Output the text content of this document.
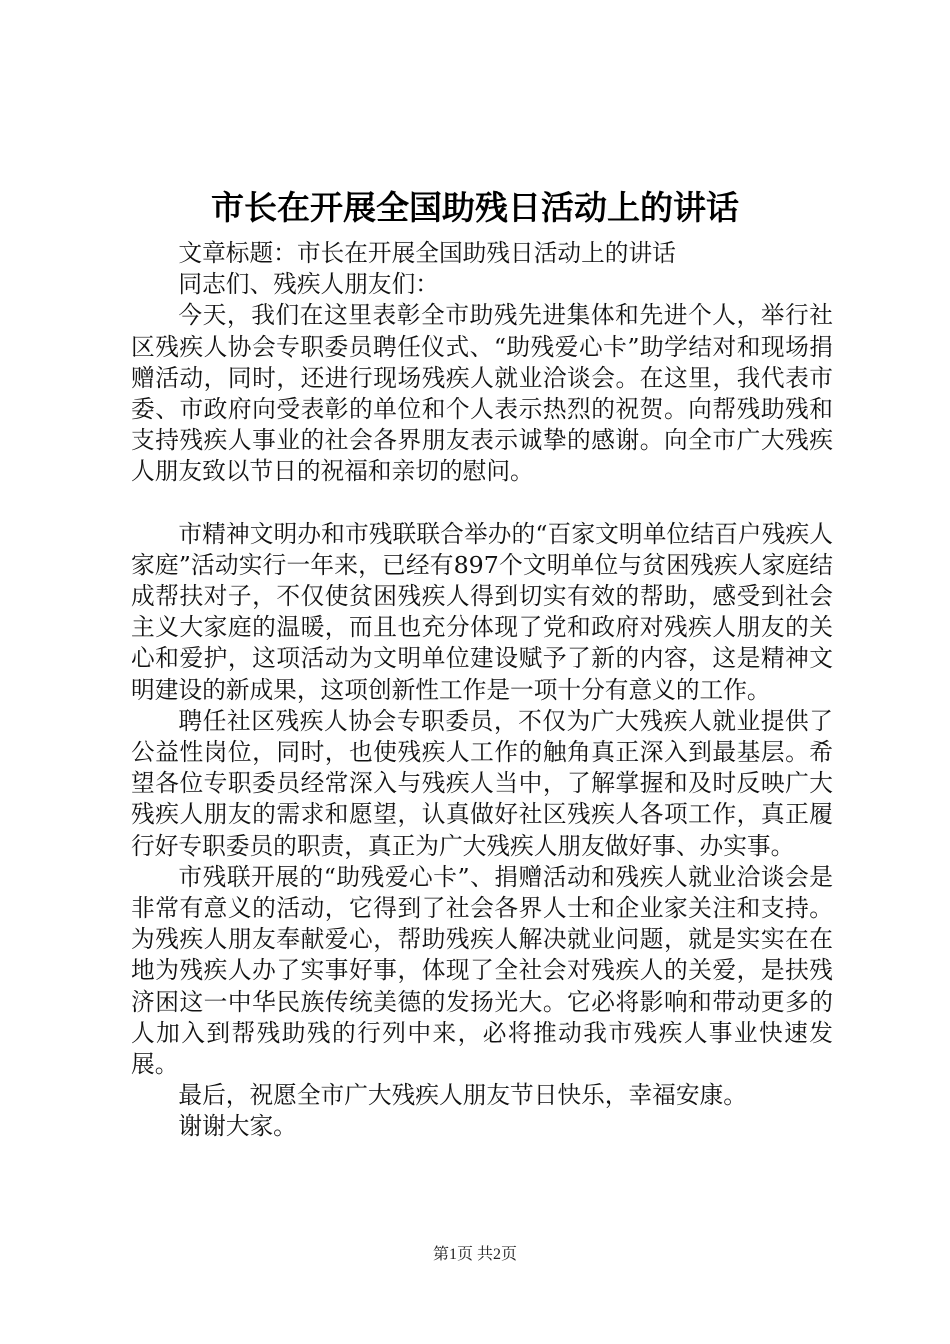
市长在开展全国助残日活动上的讲话

文章标题：市长在开展全国助残日活动上的讲话

同志们、残疾人朋友们：

今天，我们在这里表彰全市助残先进集体和先进个人，举行社区残疾人协会专职委员聘任仪式、“助残爱心卡”助学结对和现场捐赠活动，同时，还进行现场残疾人就业洽谈会。在这里，我代表市委、市政府向受表彰的单位和个人表示热烈的祝贺。向帮残助残和支持残疾人事业的社会各界朋友表示诚挚的感谢。向全市广大残疾人朋友致以节日的祝福和亲切的慰问。

市精神文明办和市残联联合举办的“百家文明单位结百户残疾人家庭”活动实行一年来，已经有897个文明单位与贫困残疾人家庭结成帮扶对子，不仅使贫困残疾人得到切实有效的帮助，感受到社会主义大家庭的温暖，而且也充分体现了党和政府对残疾人朋友的关心和爱护，这项活动为文明单位建设赋予了新的内容，这是精神文明建设的新成果，这项创新性工作是一项十分有意义的工作。

聘任社区残疾人协会专职委员，不仅为广大残疾人就业提供了公益性岗位，同时，也使残疾人工作的触角真正深入到最基层。希望各位专职委员经常深入与残疾人当中，了解掌握和及时反映广大残疾人朋友的需求和愿望，认真做好社区残疾人各项工作，真正履行好专职委员的职责，真正为广大残疾人朋友做好事、办实事。

市残联开展的“助残爱心卡”、捐赠活动和残疾人就业洽谈会是非常有意义的活动，它得到了社会各界人士和企业家关注和支持。为残疾人朋友奉献爱心，帮助残疾人解决就业问题，就是实实在在地为残疾人办了实事好事，体现了全社会对残疾人的关爱，是扶残济困这一中华民族传统美德的发扬光大。它必将影响和带动更多的人加入到帮残助残的行列中来，必将推动我市残疾人事业快速发展。

最后，祝愿全市广大残疾人朋友节日快乐，幸福安康。

谢谢大家。

第1页 共2页
